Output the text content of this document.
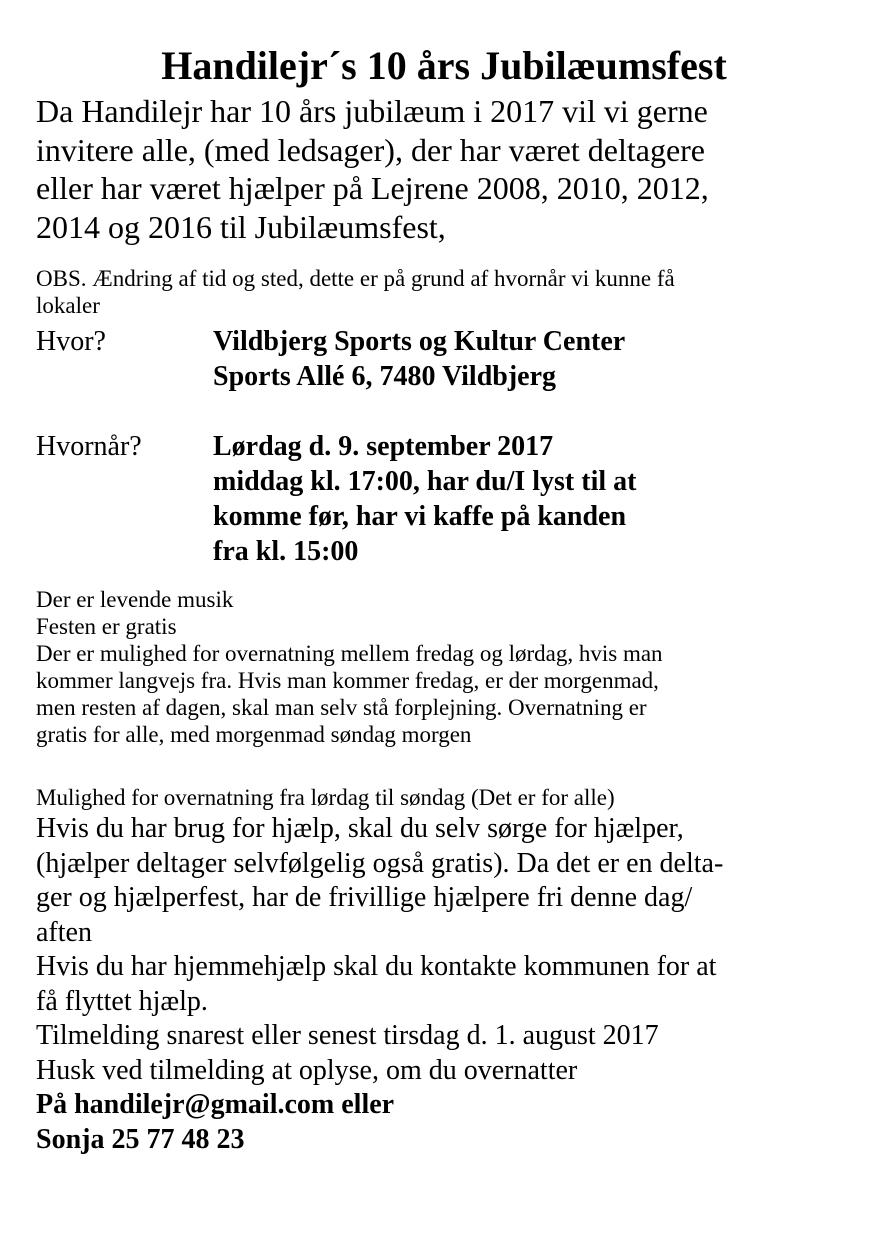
Handilejr´s 10 års Jubilæumsfest
Da Handilejr har 10 års jubilæum i 2017 vil vi gerne
invitere alle, (med ledsager), der har været deltagere
eller har været hjælper på Lejrene 2008, 2010, 2012,
2014 og 2016 til Jubilæumsfest,
OBS. Ændring af tid og sted, dette er på grund af hvornår vi kunne få
lokaler
Hvor?	Vildbjerg Sports og Kultur Center
Sports Allé 6, 7480 Vildbjerg
Hvornår?	Lørdag d. 9. september 2017
middag kl. 17:00, har du/I lyst til at
komme før, har vi kaffe på kanden
fra kl. 15:00
Der er levende musik
Festen er gratis
Der er mulighed for overnatning mellem fredag og lørdag, hvis man
kommer langvejs fra. Hvis man kommer fredag, er der morgenmad,
men resten af dagen, skal man selv stå forplejning. Overnatning er
gratis for alle, med morgenmad søndag morgen
Mulighed for overnatning fra lørdag til søndag (Det er for alle)
Hvis du har brug for hjælp, skal du selv sørge for hjælper,
(hjælper deltager selvfølgelig også gratis). Da det er en delta-
ger og hjælperfest, har de frivillige hjælpere fri denne dag/
aften
Hvis du har hjemmehjælp skal du kontakte kommunen for at
få flyttet hjælp.
Tilmelding snarest eller senest tirsdag d. 1. august 2017
Husk ved tilmelding at oplyse, om du overnatter
På handilejr@gmail.com eller
Sonja 25 77 48 23
